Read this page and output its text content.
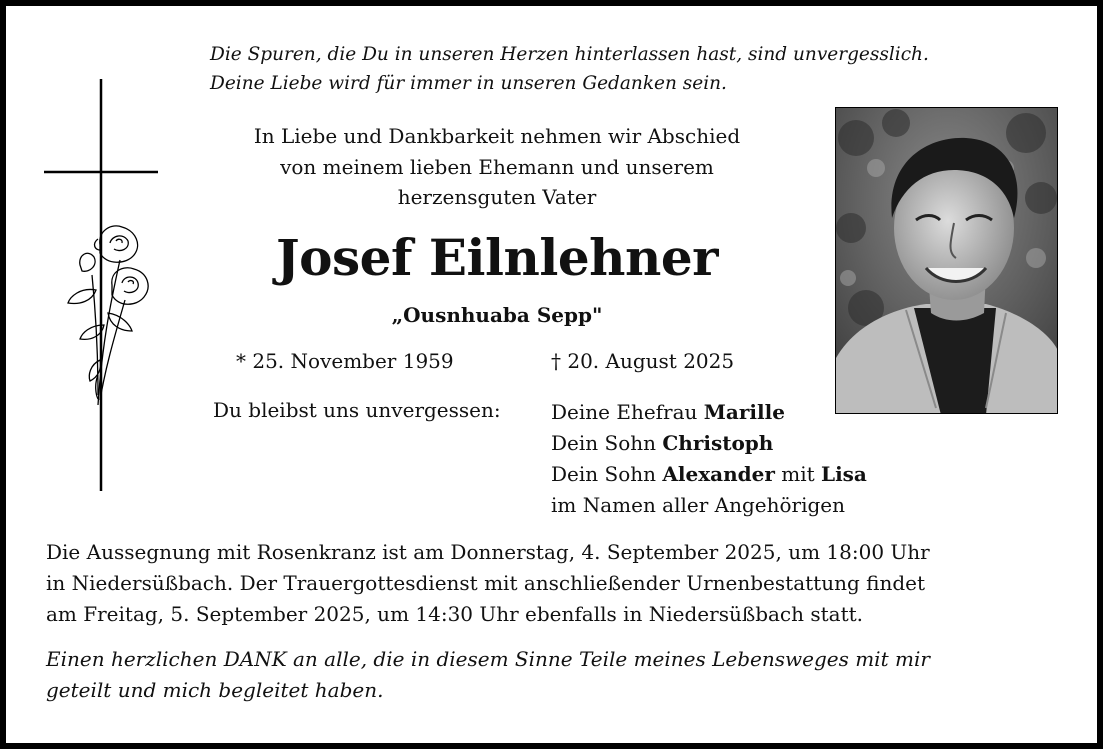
Die Spuren, die Du in unseren Herzen hinterlassen hast, sind unvergesslich.
Deine Liebe wird für immer in unseren Gedanken sein.
In Liebe und Dankbarkeit nehmen wir Abschied
von meinem lieben Ehemann und unserem
herzensguten Vater
Josef Eilnlehner
„Ousnhuaba Sepp"
* 25. November 1959	† 20. August 2025
Du bleibst uns unvergessen:	Deine Ehefrau Marille
Dein Sohn Christoph
Dein Sohn Alexander mit Lisa
im Namen aller Angehörigen
Die Aussegnung mit Rosenkranz ist am Donnerstag, 4. September 2025, um 18:00 Uhr
in Niedersüßbach. Der Trauergottesdienst mit anschließender Urnenbestattung findet
am Freitag, 5. September 2025, um 14:30 Uhr ebenfalls in Niedersüßbach statt.
Einen herzlichen DANK an alle, die in diesem Sinne Teile meines Lebensweges mit mir
geteilt und mich begleitet haben.
